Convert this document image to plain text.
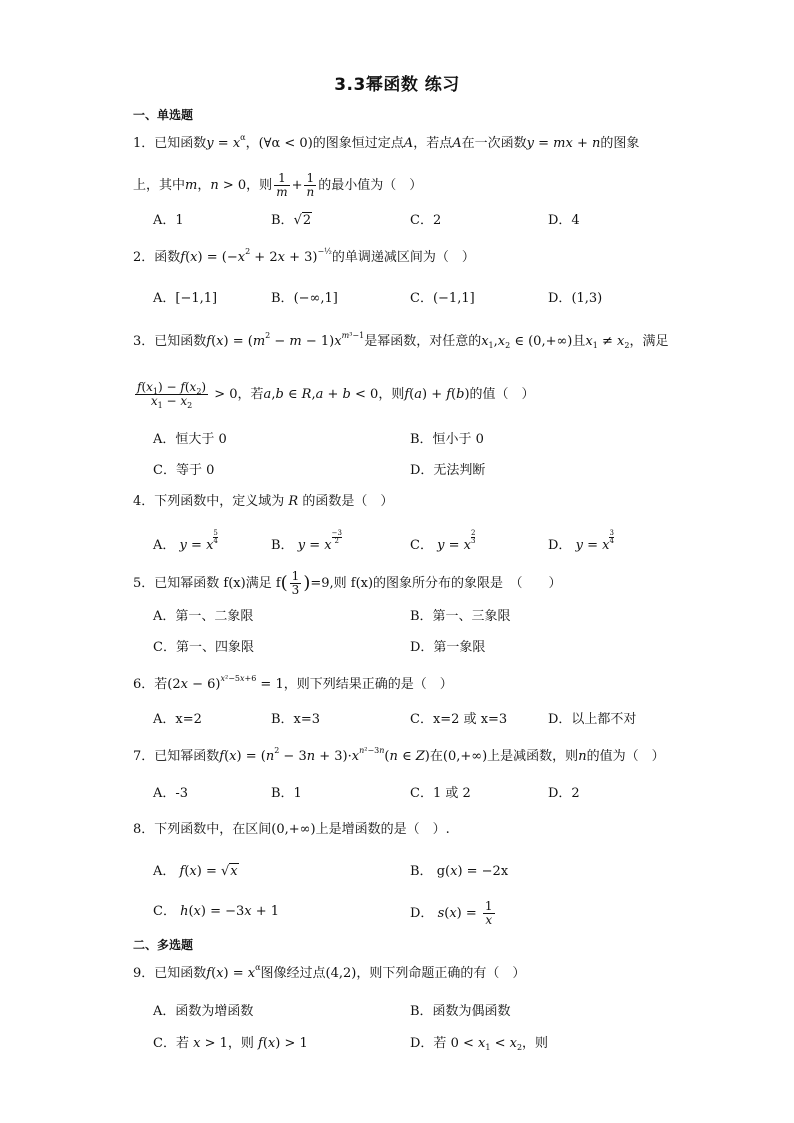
3.3幂函数 练习
一、单选题
1．已知函数$y = x^\alpha$，(∀α < 0)的图象恒过定点A，若点A在一次函数y = mx + n的图象
上，其中m，n > 0，则 $\frac{1}{m} + \frac{1}{n}$ 的最小值为（　）
A．1	B．√2	C．2	D．4
2．函数$f(x) = (-x^2 + 2x + 3)^{-\frac{1}{2}}$的单调递减区间为（　）
A．[−1,1]	B．(−∞,1]	C．(−1,1]	D．(1,3)
3．已知函数$f(x) = (m^2 - m - 1)x^{m^3-1}$是幂函数，对任意的$x_1,x_2$ ∈ (0,+∞)且$x_1 \ne x_2$，满足
$\frac{f(x_1) - f(x_2)}{x_1 - x_2} > 0$，若a,b ∈ R,a + b < 0，则f(a) + f(b)的值（　）
A．恒大于 0	B．恒小于 0
C．等于 0	D．无法判断
4．下列函数中，定义域为 R 的函数是（　）
A． y = x
$\frac{5}{4}$
B． y = x
$\frac{-3}{2}$
C． y = x
$\frac{2}{3}$
D． y = x
$\frac{3}{4}$
5．已知幂函数 f(x)满足 $f( \frac{1}{3} )=9$,则 f(x)的图象所分布的象限是　（　　）
A．第一、二象限	B．第一、三象限
C．第一、四象限	D．第一象限
6．若$(2x - 6)^{x^2-5x+6} = 1$，则下列结果正确的是（　）
A．x=2	B．x=3	C．x=2 或 x=3	D．以上都不对
7．已知幂函数$f(x) = (n^2 - 3n + 3)\cdot x^{n^2-3n}(n$ ∈ Z)在(0,+∞)上是减函数，则n的值为（　）
A．-3	B．1	C．1 或 2	D．2
8．下列函数中，在区间(0,+∞)上是增函数的是（　）.
A． f(x) = √x	B． g(x) = −2x
C． h(x) = −3x + 1	D． $s(x) = \frac{1}{x}$
二、多选题
9．已知函数$f(x) = x^\alpha$图像经过点(4,2)，则下列命题正确的有（　）
A．函数为增函数	B．函数为偶函数
C．若 x > 1，则 f(x) > 1	D．若 $0 < x_1 < x_2$，则
